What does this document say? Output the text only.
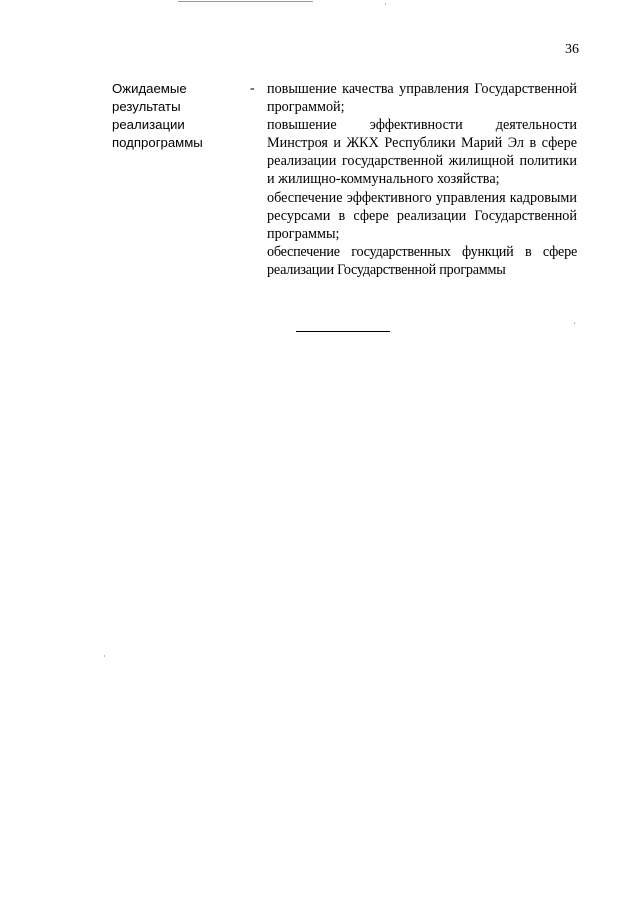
36
Ожидаемые
результаты
реализации
подпрограммы
- повышение качества управления Государственной программой;

повышение эффективности деятельности Минстроя и ЖКХ Республики Марий Эл в сфере реализации государственной жилищной политики и жилищно-коммунального хозяйства;

обеспечение эффективного управления кадровыми ресурсами в сфере реализации Государственной программы;

обеспечение государственных функций в сфере реализации Государственной программы
